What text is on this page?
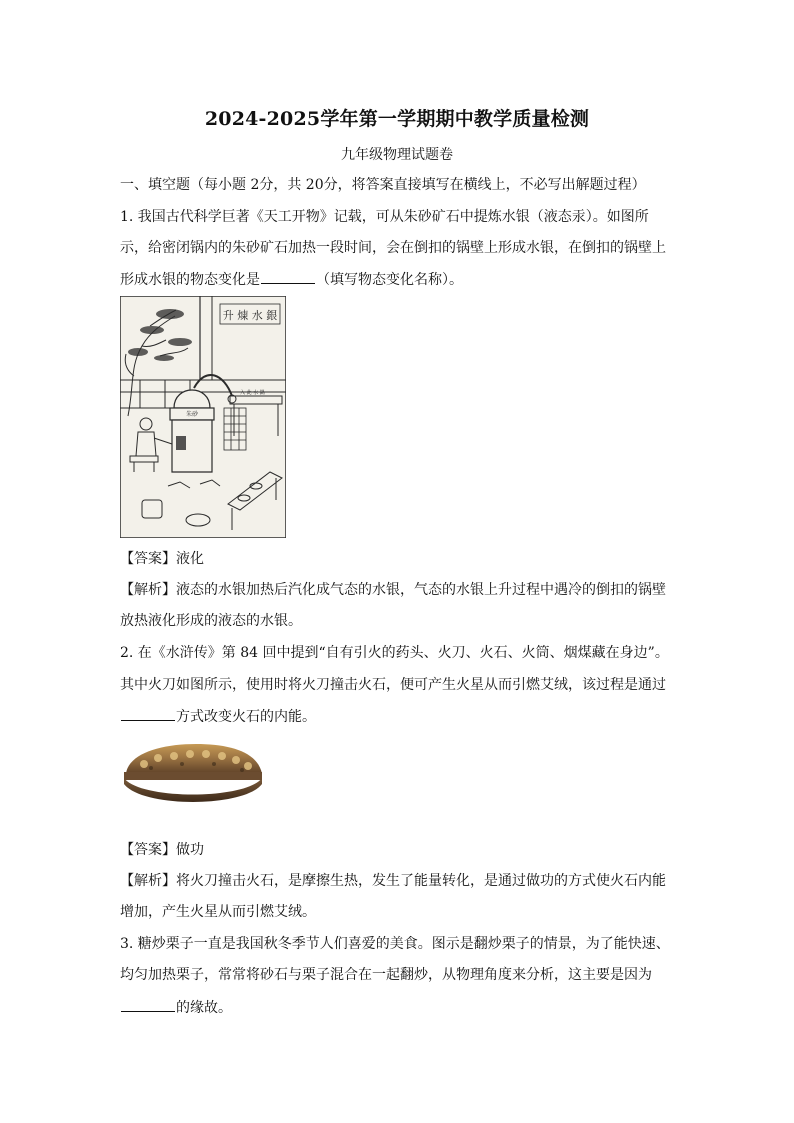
2024-2025学年第一学期期中教学质量检测
九年级物理试题卷
一、填空题（每小题 2分，共 20分，将答案直接填写在横线上，不必写出解题过程）
1. 我国古代科学巨著《天工开物》记载，可从朱砂矿石中提炼水银（液态汞）。如图所
示，给密闭锅内的朱砂矿石加热一段时间，会在倒扣的锅壁上形成水银，在倒扣的锅壁上
形成水银的物态变化是	（填写物态变化名称）。
升 煉 水 銀
入 此 水 鍋
朱砂
【答案】液化
【解析】液态的水银加热后汽化成气态的水银，气态的水银上升过程中遇冷的倒扣的锅壁
放热液化形成的液态的水银。
2. 在《水浒传》第 84 回中提到“自有引火的药头、火刀、火石、火筒、烟煤藏在身边”。
其中火刀如图所示，使用时将火刀撞击火石，便可产生火星从而引燃艾绒，该过程是通过
方式改变火石的内能。
【答案】做功
【解析】将火刀撞击火石，是摩擦生热，发生了能量转化，是通过做功的方式使火石内能
增加，产生火星从而引燃艾绒。
3. 糖炒栗子一直是我国秋冬季节人们喜爱的美食。图示是翻炒栗子的情景，为了能快速、
均匀加热栗子，常常将砂石与栗子混合在一起翻炒，从物理角度来分析，这主要是因为
的缘故。
